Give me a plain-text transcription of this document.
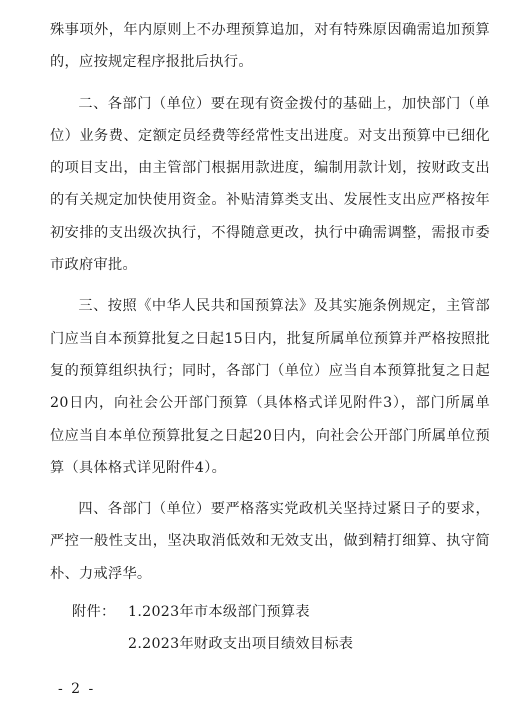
殊事项外，年内原则上不办理预算追加，对有特殊原因确需追加预算的，应按规定程序报批后执行。

二、各部门（单位）要在现有资金拨付的基础上，加快部门（单位）业务费、定额定员经费等经常性支出进度。对支出预算中已细化的项目支出，由主管部门根据用款进度，编制用款计划，按财政支出的有关规定加快使用资金。补贴清算类支出、发展性支出应严格按年初安排的支出级次执行，不得随意更改，执行中确需调整，需报市委市政府审批。

三、按照《中华人民共和国预算法》及其实施条例规定，主管部门应当自本预算批复之日起15日内，批复所属单位预算并严格按照批复的预算组织执行；同时，各部门（单位）应当自本预算批复之日起20日内，向社会公开部门预算（具体格式详见附件3），部门所属单位应当自本单位预算批复之日起20日内，向社会公开部门所属单位预算（具体格式详见附件4）。

四、各部门（单位）要严格落实党政机关坚持过紧日子的要求，严控一般性支出，坚决取消低效和无效支出，做到精打细算、执守简朴、力戒浮华。

附件： 1.2023年市本级部门预算表
2.2023年财政支出项目绩效目标表
- 2 -
